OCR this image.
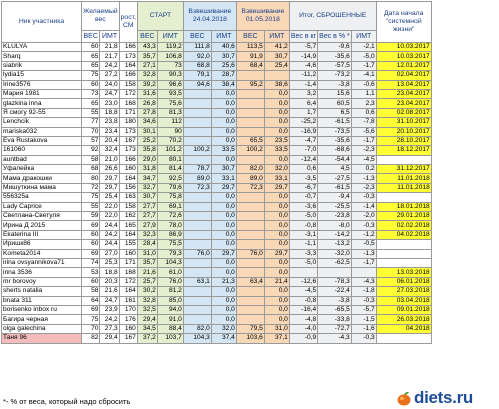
Ник участника	Желаемый вес		рост, СМ	СТАРТ		Взвешивание 24.04.2018		Взвешивание 01.05.2018		Итог, СБРОШЕННЫЕ			Дата начала "системной жизни"
	ВЕС	ИМТ		ВЕС	ИМТ	ВЕС	ИМТ	ВЕС	ИМТ	Вес в кг	Вес в % *	ИМТ	
KLULYA	60	21,8	166	43,3	119,2	111,8	40,6	113,5	41,2	-5,7	-9,6	-2,1	10.03.2017
Sharq	65	21,7	173	35,7	106,8	92,0	30,7	91,9	30,7	-14,9	-35,6	-5,0	10.03.2017
siabrik	65	24,2	164	27,1	73	68,8	25,6	68,4	25,4	-4,6	-57,5	-1,7	12.01.2017
lydia15	75	27,2	166	32,8	90,3	79,1	28,7			-11,2	-73,2	-4,1	02.04.2017
Irine3576	60	24,0	158	39,2	96,6	94,6	38,4	95,2	38,6	-1,4	-3,8	-0,6	13.04.2017
Мария 1981	73	24,7	172	31,6	93,5		0,0		0,0	3,2	15,6	1,1	23.04.2017
glazkina inna	65	23,0	168	26,8	75,6		0,0		0,0	6,4	60,5	2,3	23.04.2017
Я смогу 92-55	55	18,8	171	27,8	81,3		0,0		0,0	1,7	6,5	0,6	02.08.2017
Lenchcik	77	23,8	180	34,6	112		0,0		0,0	-25,2	-61,5	-7,8	31.10.2017
mariska032	70	23,4	173	30,1	90		0,0		0,0	-16,9	-73,5	-5,6	20.10.2017
Eva Rustakova	57	20,4	167	25,2	70,2		0,0	65,5	23,5	-4,7	-35,6	-1,7	28.10.2017
161060	92	32,4	173	35,8	101,2	100,2	33,5	100,2	33,5	-7,0	-68,6	-2,3	18.12.2017
auntbad	58	21,0	166	29,0	80,1		0,0		0,0	-12,4	-54,4	-4,5	
Уфалейка	68	26,6	160	31,8	81,4	78,7	30,7	82,0	32,0	0,6	4,5	0,2	31.12.2017
Мама дракошки	80	29,7	164	34,7	92,5	89,0	33,1	89,0	33,1	-3,5	-27,5	-1,3	11.01.2018
Мишуткина мама	72	29,7	156	32,7	79,6	72,3	29,7	72,3	29,7	-6,7	-61,5	-2,3	11.01.2018
556325a	75	25,4	163	30,7	75,8		0,0		0,0	-0,7	-9,4	-0,3	
Lady Caprice	55	22,0	158	27,7	69,1		0,0		0,0	-3,6	-25,5	-1,4	18.01.2018
Светлана-Светуля	59	22,0	162	27,7	72,6		0,0		0,0	-5,0	-23,8	-2,0	29.01.2018
Ирина Д 2015	69	24,4	165	27,9	78,0		0,0		0,0	-0,8	-8,0	-0,3	02.02.2018
Ekaterina III	60	24,2	164	32,3	86,9		0,0		0,0	-3,1	-14,2	-1,2	04.02.2018
Иришк86	60	24,4	155	28,4	75,5		0,0		0,0	-1,1	-13,2	-0,5	
Kometa2014	69	27,0	160	31,0	79,3	76,0	29,7	76,0	29,7	-3,3	-32,0	-1,3	
irina ovsyannikova71	74	25,3	171	35,7	104,3		0,0		0,0	-5,0	-62,5	-1,7	
inna 3536	53	18,8	168	21,6	61,0		0,0		0,0				13.03.2018
mr borovoy	60	20,3	172	25,7	76,0	63,1	21,3	63,4	21,4	-12,6	-78,3	-4,3	06.01.2018
sherts natalia	58	21,6	164	30,2	81,2		0,0		0,0	-4,5	-22,4	-1,8	27.03.2018
bnata 311	64	24,7	161	32,8	85,0		0,0		0,0	-0,8	-3,8	-0,3	03.04.2018
borisenko inbox ru	69	23,9	170	32,5	94,0		0,0		0,0	-16,4	-65,5	-5,7	09.01.2018
Багира черная	75	24,2	176	29,4	91,0		0,0		0,0	-4,8	-33,8	-1,5	26.03.2018
olga galechina	70	27,3	160	34,5	88,4	82,0	32,0	79,5	31,0	-4,0	-72,7	-1,6	04.2018
Таня 96	82	29,4	167	37,2	103,7	104,3	37,4	103,6	37,1	-0,9	-4,3	-0,3	
*- % от веса, который надо сбросить	diets.ru
